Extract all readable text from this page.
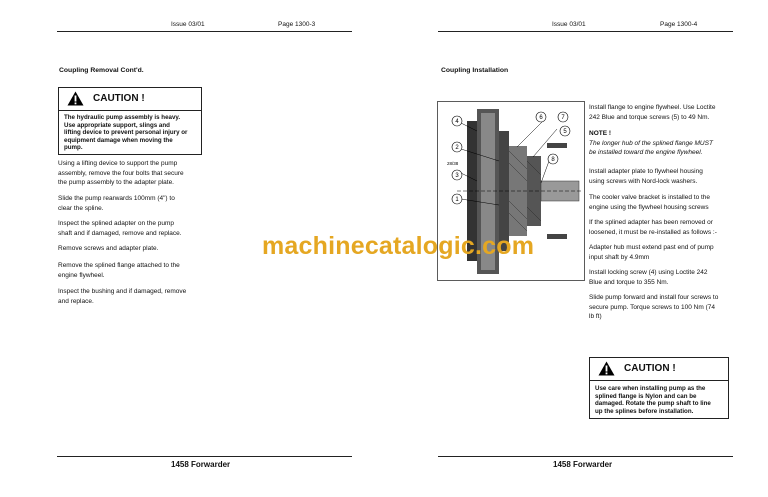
Issue 03/01	Page 1300-3
Coupling Removal Cont'd.
CAUTION !
The hydraulic pump assembly is heavy.
Use appropriate support, slings and
lifting device to prevent personal injury or
equipment damage when moving the
pump.
Using a lifting device to support the pump
assembly, remove the four bolts that secure
the pump assembly to the adapter plate.
Slide the pump rearwards 100mm (4") to
clear the spline.
Inspect the splined adapter on the pump
shaft and if damaged, remove and replace.
Remove screws and adapter plate.
Remove the splined flange attached to the
engine flywheel.
Inspect the bushing and if damaged, remove
and replace.
1458 Forwarder
Issue 03/01	Page 1300-4
Coupling Installation
4
6	7
5
2
8
3
1
28/38
Install flange to engine flywheel. Use Loctite
242 Blue and torque screws (5) to 49 Nm.
NOTE !
The longer hub of the splined flange MUST
be installed toward the engine flywheel.
Install adapter plate to flywheel housing
using screws with Nord-lock washers.
The cooler valve bracket is installed to the
engine using the flywheel housing screws
If the splined adapter has been removed or
loosened, it must be re-installed as follows :-
Adapter hub must extend past end of pump
input shaft by 4.9mm
Install locking screw (4) using Loctite 242
Blue and torque to 355 Nm.
Slide pump forward and install four screws to
secure pump. Torque screws to 100 Nm (74
lb ft)
CAUTION !
Use care when installing pump as the
splined flange is Nylon and can be
damaged. Rotate the pump shaft to line
up the splines before installation.
1458 Forwarder
machinecatalogic.com
